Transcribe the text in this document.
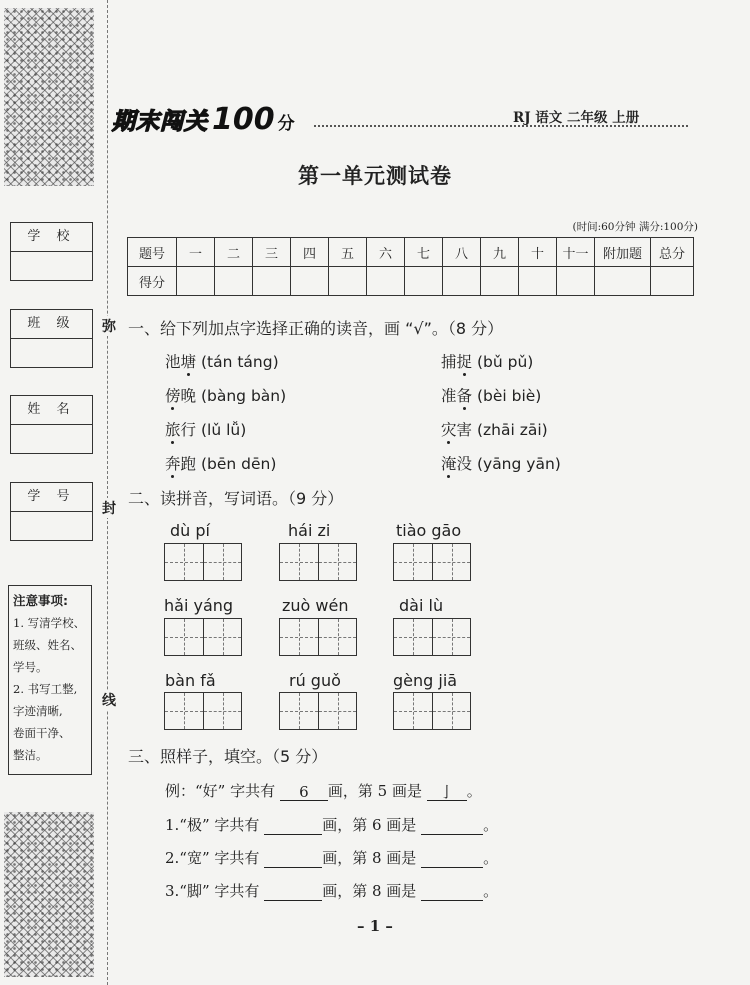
学 校
班 级
姓 名
学 号
注意事项:
1. 写清学校、
班级、姓名、
学号。
2. 书写工整,
字迹清晰,
卷面干净、
整洁。
弥
封
线
期末闯关 100 分	RJ 语文 二年级 上册
第一单元测试卷
(时间:60分钟 满分:100分)
题号	一	二	三	四	五	六	七	八	九	十	十一	附加题	总分
得分													
一、给下列加点字选择正确的读音，画 “√”。（8 分）
池塘 (tán táng)	捕捉 (bǔ pǔ)
傍晚 (bàng bàn)	准备 (bèi biè)
旅行 (lǔ lǚ)	灾害 (zhāi zāi)
奔跑 (bēn dēn)	淹没 (yāng yān)
二、读拼音，写词语。（9 分）
dù pí	hái zi	tiào gāo
hǎi yáng	zuò wén	dài lù
bàn fǎ	rú guǒ	gèng jiā
三、照样子，填空。（5 分）
例：“好” 字共有 6 画，第 5 画是 亅 。
1.“极” 字共有	画，第 6 画是	。
2.“宽” 字共有	画，第 8 画是	。
3.“脚” 字共有	画，第 8 画是	。
– 1 –
